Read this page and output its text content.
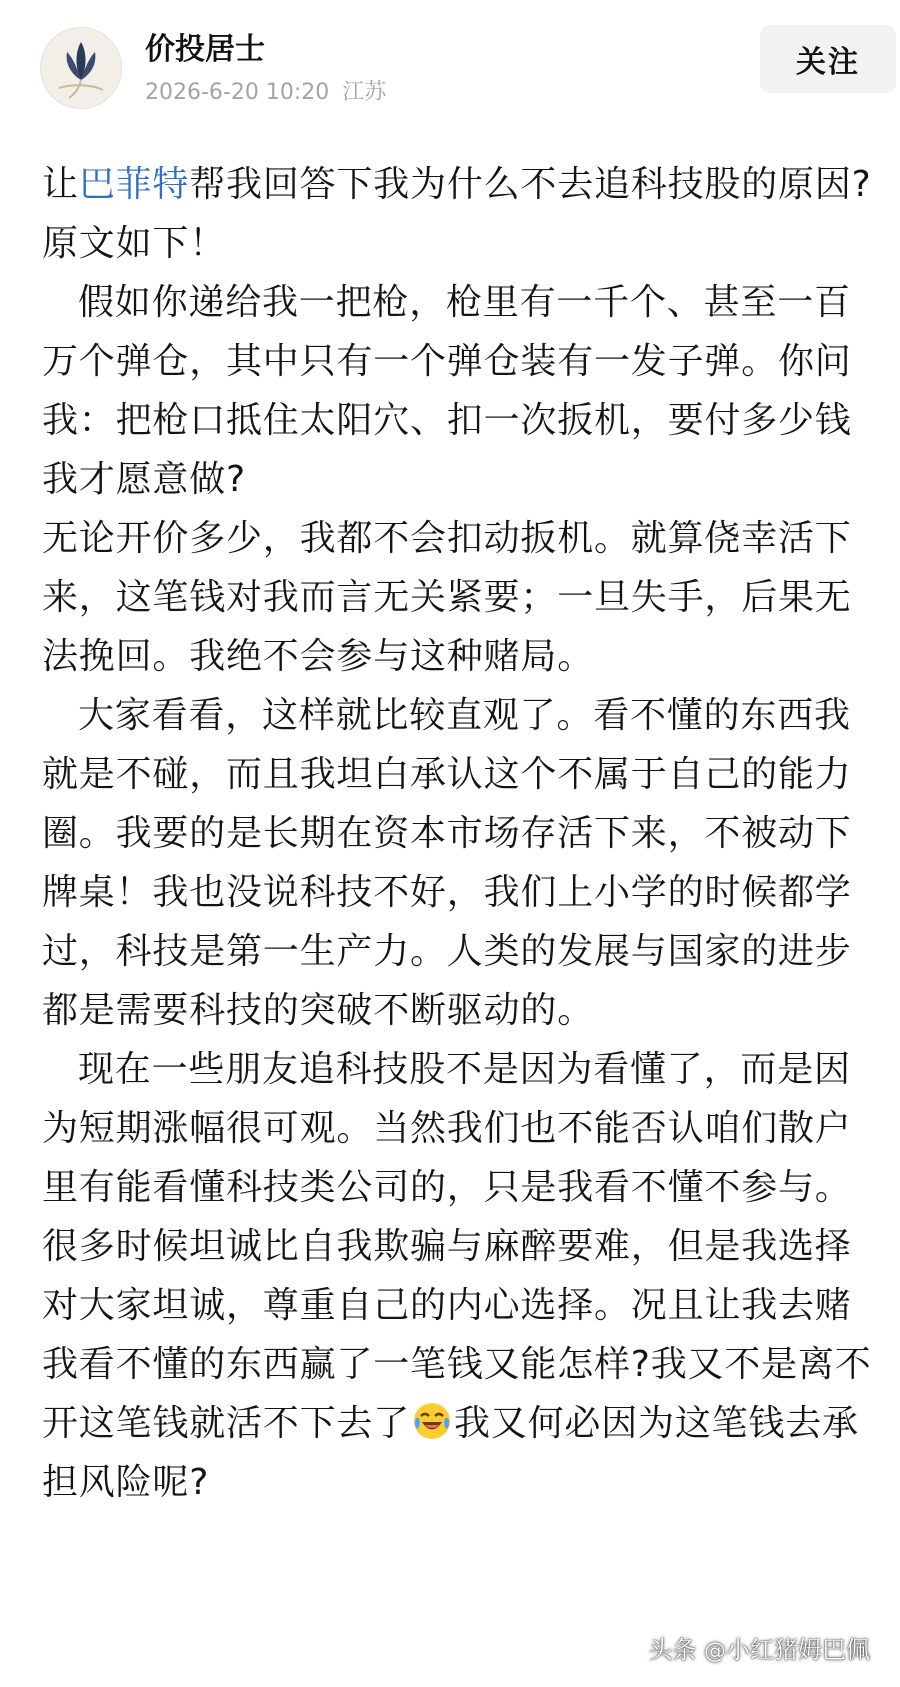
价投居士
2026-6-20 10:20 江苏
关注

让巴菲特帮我回答下我为什么不去追科技股的原因?原文如下！

假如你递给我一把枪，枪里有一千个、甚至一百万个弹仓，其中只有一个弹仓装有一发子弹。你问我：把枪口抵住太阳穴、扣一次扳机，要付多少钱我才愿意做?

无论开价多少，我都不会扣动扳机。就算侥幸活下来，这笔钱对我而言无关紧要；一旦失手，后果无法挽回。我绝不会参与这种赌局。

大家看看，这样就比较直观了。看不懂的东西我就是不碰，而且我坦白承认这个不属于自己的能力圈。我要的是长期在资本市场存活下来，不被动下牌桌！我也没说科技不好，我们上小学的时候都学过，科技是第一生产力。人类的发展与国家的进步都是需要科技的突破不断驱动的。

现在一些朋友追科技股不是因为看懂了，而是因为短期涨幅很可观。当然我们也不能否认咱们散户里有能看懂科技类公司的，只是我看不懂不参与。很多时候坦诚比自我欺骗与麻醉要难，但是我选择对大家坦诚，尊重自己的内心选择。况且让我去赌我看不懂的东西赢了一笔钱又能怎样?我又不是离不开这笔钱就活不下去了 我又何必因为这笔钱去承担风险呢?

头条 @小红猪姆巴佩
